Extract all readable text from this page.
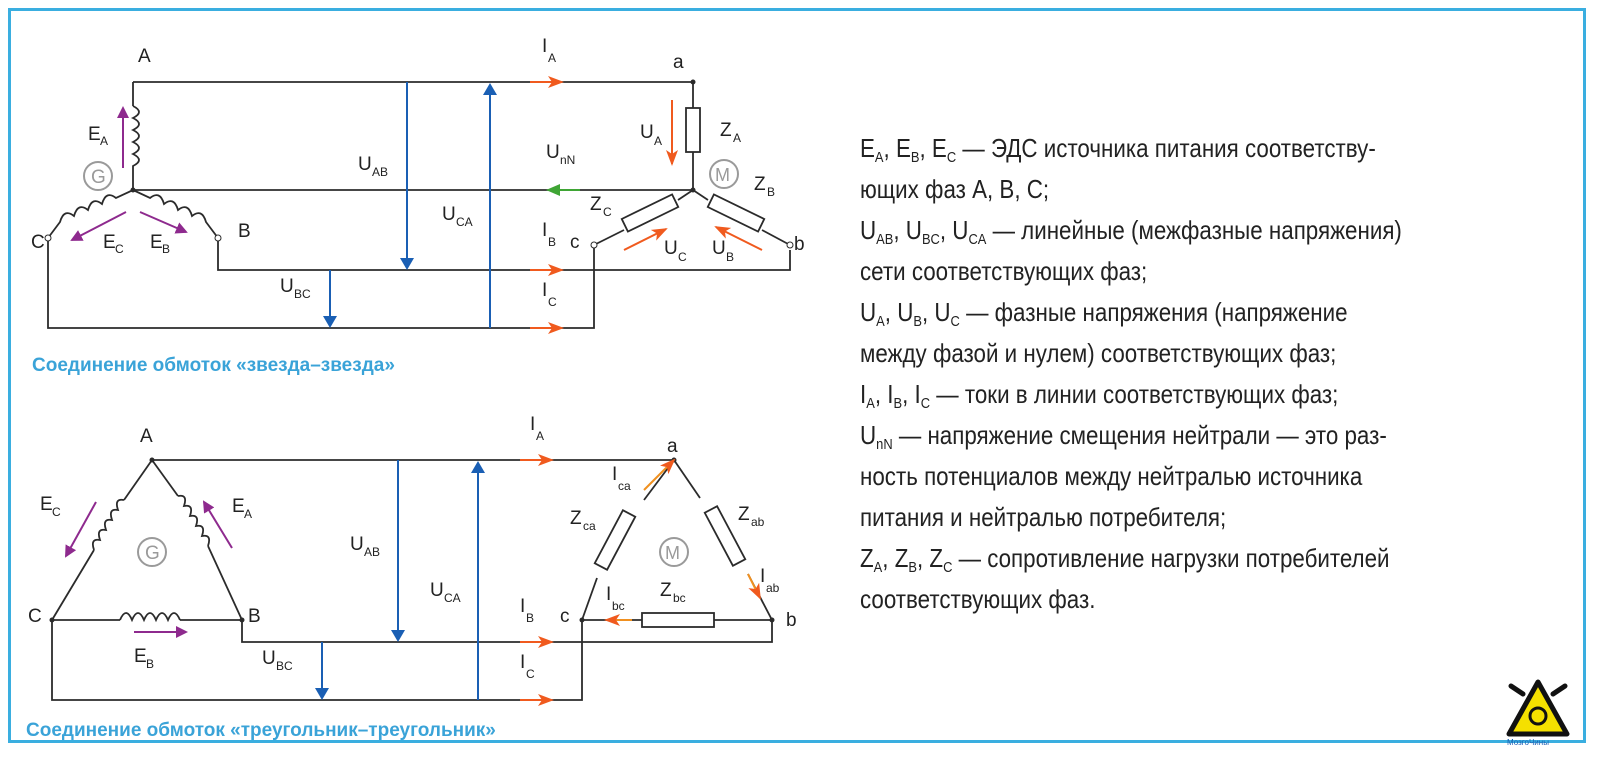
G	M
A
B
C
a
b
c
E A
E B
E C
U AB
U BC
U CA
U nN
I
A
I
B
I
C
U A
U C U B
Z A
Z B
Z C
Соединение обмоток «звезда–звезда»
G	M
A
B
C
a
b
c
E A
E C
E B
U AB
U BC
U CA
I
A
I
B
I
C
I
ca
I
ab
I
bc
Z ca
Z ab
Z bc
Соединение обмоток «треугольник–треугольник»

$E_A$, $E_B$, $E_C$ — ЭДС источника питания соответству-

ющих фаз A, B, C;

$U_{AB}$, $U_{BC}$, $U_{CA}$ — линейные (межфазные напряжения)

сети соответствующих фаз;

$U_A$, $U_B$, $U_C$ — фазные напряжения (напряжение

между фазой и нулем) соответствующих фаз;

$I_A$, $I_B$, $I_C$ — токи в линии соответствующих фаз;

$U_{nN}$ — напряжение смещения нейтрали — это раз-

ность потенциалов между нейтралью источника

питания и нейтралью потребителя;

$Z_A$, $Z_B$, $Z_C$ — сопротивление нагрузки потребителей

соответствующих фаз.

МозгоЧины
